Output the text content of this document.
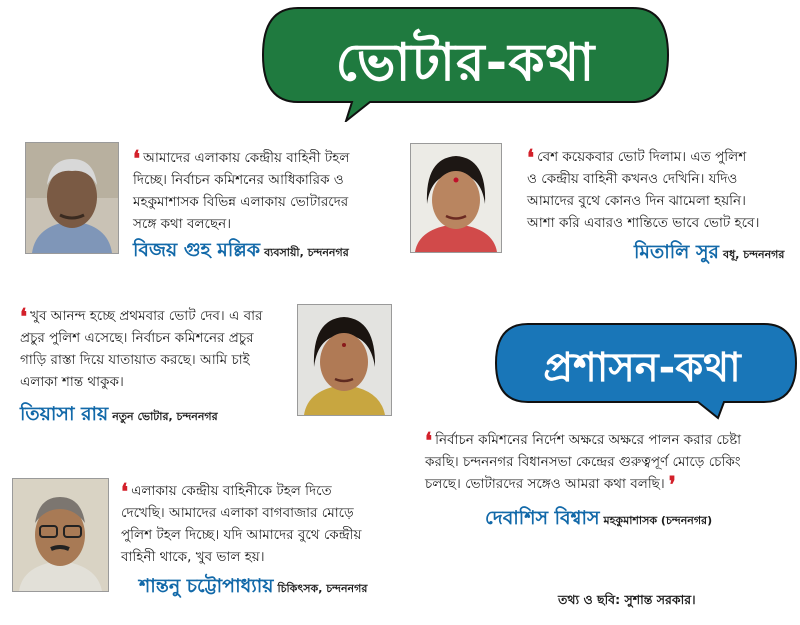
ভোটার-কথা
❛ আমাদের এলাকায় কেন্দ্রীয় বাহিনী টহল
দিচ্ছে। নির্বাচন কমিশনের আধিকারিক ও
মহকুমাশাসক বিভিন্ন এলাকায় ভোটারদের
সঙ্গে কথা বলছেন।
বিজয় গুহ মল্লিক ব্যবসায়ী, চন্দননগর
❛ বেশ কয়েকবার ভোট দিলাম। এত পুলিশ
ও কেন্দ্রীয় বাহিনী কখনও দেখিনি। যদিও
আমাদের বুথে কোনও দিন ঝামেলা হয়নি।
আশা করি এবারও শান্তিতে ভাবে ভোট হবে।
মিতালি সুর বধূ, চন্দননগর
❛ খুব আনন্দ হচ্ছে প্রথমবার ভোট দেব। এ বার
প্রচুর পুলিশ এসেছে। নির্বাচন কমিশনের প্রচুর
গাড়ি রাস্তা দিয়ে যাতায়াত করছে। আমি চাই
এলাকা শান্ত থাকুক।
তিয়াসা রায় নতুন ভোটার, চন্দননগর
প্রশাসন-কথা
❛ নির্বাচন কমিশনের নির্দেশ অক্ষরে অক্ষরে পালন করার চেষ্টা
করছি। চন্দননগর বিধানসভা কেন্দ্রের গুরুত্বপূর্ণ মোড়ে চেকিং
চলছে। ভোটারদের সঙ্গেও আমরা কথা বলছি। ❜
দেবাশিস বিশ্বাস মহকুমাশাসক (চন্দননগর)
❛ এলাকায় কেন্দ্রীয় বাহিনীকে টহল দিতে
দেখেছি। আমাদের এলাকা বাগবাজার মোড়ে
পুলিশ টহল দিচ্ছে। যদি আমাদের বুথে কেন্দ্রীয়
বাহিনী থাকে, খুব ভাল হয়।
শান্তনু চট্টোপাধ্যায় চিকিৎসক, চন্দননগর
তথ্য ও ছবি: সুশান্ত সরকার।
